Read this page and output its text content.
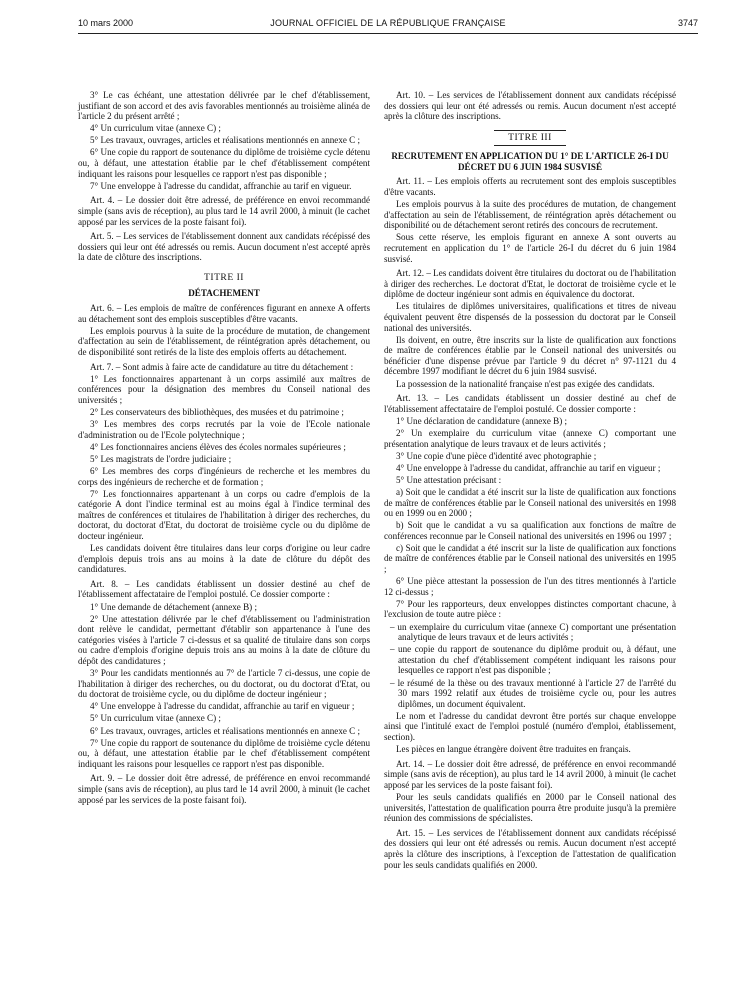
10 mars 2000	JOURNAL OFFICIEL DE LA RÉPUBLIQUE FRANÇAISE	3747

3° Le cas échéant, une attestation délivrée par le chef d'établissement, justifiant de son accord et des avis favorables mentionnés au troisième alinéa de l'article 2 du présent arrêté ;

4° Un curriculum vitae (annexe C) ;

5° Les travaux, ouvrages, articles et réalisations mentionnés en annexe C ;

6° Une copie du rapport de soutenance du diplôme de troisième cycle détenu ou, à défaut, une attestation établie par le chef d'établissement compétent indiquant les raisons pour lesquelles ce rapport n'est pas disponible ;

7° Une enveloppe à l'adresse du candidat, affranchie au tarif en vigueur.

Art. 4. – Le dossier doit être adressé, de préférence en envoi recommandé simple (sans avis de réception), au plus tard le 14 avril 2000, à minuit (le cachet apposé par les services de la poste faisant foi).

Art. 5. – Les services de l'établissement donnent aux candidats récépissé des dossiers qui leur ont été adressés ou remis. Aucun document n'est accepté après la date de clôture des inscriptions.

TITRE II

DÉTACHEMENT

Art. 6. – Les emplois de maître de conférences figurant en annexe A offerts au détachement sont des emplois susceptibles d'être vacants.

Les emplois pourvus à la suite de la procédure de mutation, de changement d'affectation au sein de l'établissement, de réintégration après détachement, ou de disponibilité sont retirés de la liste des emplois offerts au détachement.

Art. 7. – Sont admis à faire acte de candidature au titre du détachement :

1° Les fonctionnaires appartenant à un corps assimilé aux maîtres de conférences pour la désignation des membres du Conseil national des universités ;

2° Les conservateurs des bibliothèques, des musées et du patrimoine ;

3° Les membres des corps recrutés par la voie de l'Ecole nationale d'administration ou de l'Ecole polytechnique ;

4° Les fonctionnaires anciens élèves des écoles normales supérieures ;

5° Les magistrats de l'ordre judiciaire ;

6° Les membres des corps d'ingénieurs de recherche et les membres du corps des ingénieurs de recherche et de formation ;

7° Les fonctionnaires appartenant à un corps ou cadre d'emplois de la catégorie A dont l'indice terminal est au moins égal à l'indice terminal des maîtres de conférences et titulaires de l'habilitation à diriger des recherches, du doctorat, du doctorat d'Etat, du doctorat de troisième cycle ou du diplôme de docteur ingénieur.

Les candidats doivent être titulaires dans leur corps d'origine ou leur cadre d'emplois depuis trois ans au moins à la date de clôture du dépôt des candidatures.

Art. 8. – Les candidats établissent un dossier destiné au chef de l'établissement affectataire de l'emploi postulé. Ce dossier comporte :

1° Une demande de détachement (annexe B) ;

2° Une attestation délivrée par le chef d'établissement ou l'administration dont relève le candidat, permettant d'établir son appartenance à l'une des catégories visées à l'article 7 ci-dessus et sa qualité de titulaire dans son corps ou cadre d'emplois d'origine depuis trois ans au moins à la date de clôture du dépôt des candidatures ;

3° Pour les candidats mentionnés au 7° de l'article 7 ci-dessus, une copie de l'habilitation à diriger des recherches, ou du doctorat, ou du doctorat d'Etat, ou du doctorat de troisième cycle, ou du diplôme de docteur ingénieur ;

4° Une enveloppe à l'adresse du candidat, affranchie au tarif en vigueur ;

5° Un curriculum vitae (annexe C) ;

6° Les travaux, ouvrages, articles et réalisations mentionnés en annexe C ;

7° Une copie du rapport de soutenance du diplôme de troisième cycle détenu ou, à défaut, une attestation établie par le chef d'établissement compétent indiquant les raisons pour lesquelles ce rapport n'est pas disponible.

Art. 9. – Le dossier doit être adressé, de préférence en envoi recommandé simple (sans avis de réception), au plus tard le 14 avril 2000, à minuit (le cachet apposé par les services de la poste faisant foi).

Art. 10. – Les services de l'établissement donnent aux candidats récépissé des dossiers qui leur ont été adressés ou remis. Aucun document n'est accepté après la clôture des inscriptions.

TITRE III

RECRUTEMENT EN APPLICATION DU 1° DE L'ARTICLE 26-I DU DÉCRET DU 6 JUIN 1984 SUSVISÉ

Art. 11. – Les emplois offerts au recrutement sont des emplois susceptibles d'être vacants.

Les emplois pourvus à la suite des procédures de mutation, de changement d'affectation au sein de l'établissement, de réintégration après détachement ou disponibilité ou de détachement seront retirés des concours de recrutement.

Sous cette réserve, les emplois figurant en annexe A sont ouverts au recrutement en application du 1° de l'article 26-I du décret du 6 juin 1984 susvisé.

Art. 12. – Les candidats doivent être titulaires du doctorat ou de l'habilitation à diriger des recherches. Le doctorat d'Etat, le doctorat de troisième cycle et le diplôme de docteur ingénieur sont admis en équivalence du doctorat.

Les titulaires de diplômes universitaires, qualifications et titres de niveau équivalent peuvent être dispensés de la possession du doctorat par le Conseil national des universités.

Ils doivent, en outre, être inscrits sur la liste de qualification aux fonctions de maître de conférences établie par le Conseil national des universités ou bénéficier d'une dispense prévue par l'article 9 du décret n° 97-1121 du 4 décembre 1997 modifiant le décret du 6 juin 1984 susvisé.

La possession de la nationalité française n'est pas exigée des candidats.

Art. 13. – Les candidats établissent un dossier destiné au chef de l'établissement affectataire de l'emploi postulé. Ce dossier comporte :

1° Une déclaration de candidature (annexe B) ;

2° Un exemplaire du curriculum vitae (annexe C) comportant une présentation analytique de leurs travaux et de leurs activités ;

3° Une copie d'une pièce d'identité avec photographie ;

4° Une enveloppe à l'adresse du candidat, affranchie au tarif en vigueur ;

5° Une attestation précisant :

a) Soit que le candidat a été inscrit sur la liste de qualification aux fonctions de maître de conférences établie par le Conseil national des universités en 1998 ou en 1999 ou en 2000 ;

b) Soit que le candidat a vu sa qualification aux fonctions de maître de conférences reconnue par le Conseil national des universités en 1996 ou 1997 ;

c) Soit que le candidat a été inscrit sur la liste de qualification aux fonctions de maître de conférences établie par le Conseil national des universités en 1995 ;

6° Une pièce attestant la possession de l'un des titres mentionnés à l'article 12 ci-dessus ;

7° Pour les rapporteurs, deux enveloppes distinctes comportant chacune, à l'exclusion de toute autre pièce :

– un exemplaire du curriculum vitae (annexe C) comportant une présentation analytique de leurs travaux et de leurs activités ;

– une copie du rapport de soutenance du diplôme produit ou, à défaut, une attestation du chef d'établissement compétent indiquant les raisons pour lesquelles ce rapport n'est pas disponible ;

– le résumé de la thèse ou des travaux mentionné à l'article 27 de l'arrêté du 30 mars 1992 relatif aux études de troisième cycle ou, pour les autres diplômes, un document équivalent.

Le nom et l'adresse du candidat devront être portés sur chaque enveloppe ainsi que l'intitulé exact de l'emploi postulé (numéro d'emploi, établissement, section).

Les pièces en langue étrangère doivent être traduites en français.

Art. 14. – Le dossier doit être adressé, de préférence en envoi recommandé simple (sans avis de réception), au plus tard le 14 avril 2000, à minuit (le cachet apposé par les services de la poste faisant foi).

Pour les seuls candidats qualifiés en 2000 par le Conseil national des universités, l'attestation de qualification pourra être produite jusqu'à la première réunion des commissions de spécialistes.

Art. 15. – Les services de l'établissement donnent aux candidats récépissé des dossiers qui leur ont été adressés ou remis. Aucun document n'est accepté après la clôture des inscriptions, à l'exception de l'attestation de qualification pour les seuls candidats qualifiés en 2000.
